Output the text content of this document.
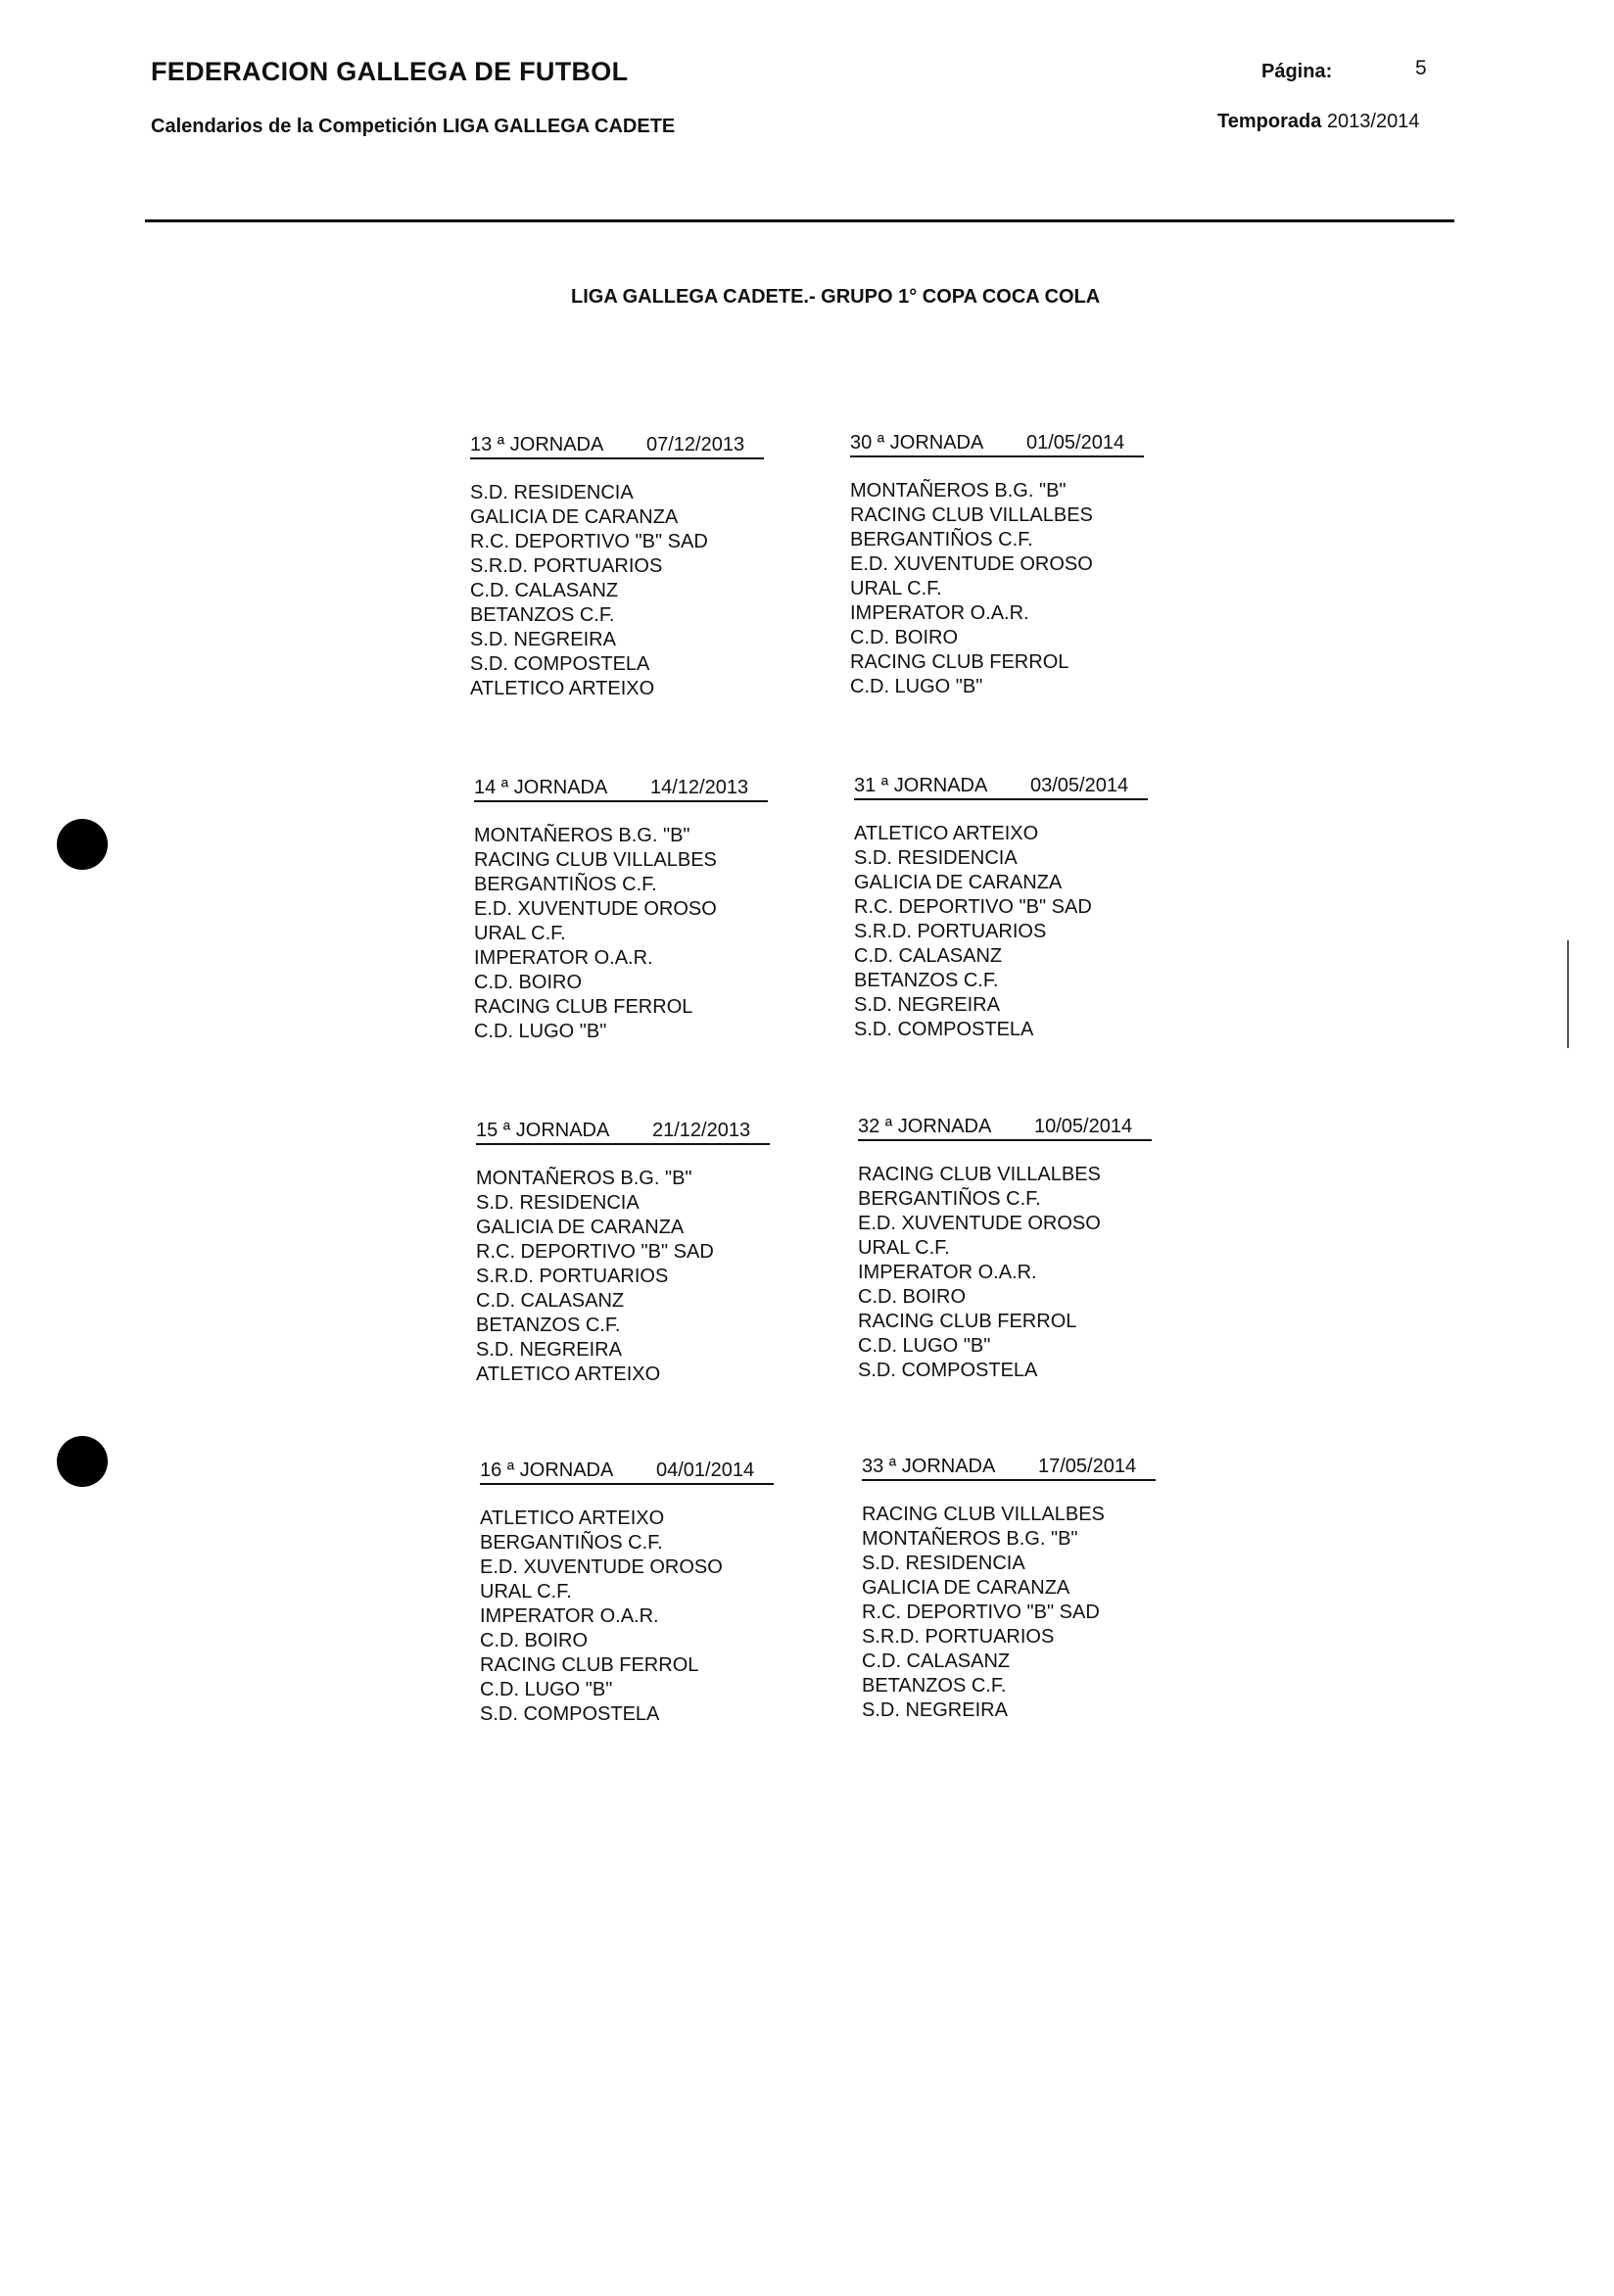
FEDERACION GALLEGA DE FUTBOL
Calendarios de la Competición LIGA GALLEGA CADETE
Página:	5
Temporada 2013/2014
LIGA GALLEGA CADETE.- GRUPO 1° COPA COCA COLA
13 ª JORNADA 07/12/2013
S.D. RESIDENCIA
GALICIA DE CARANZA
R.C. DEPORTIVO "B" SAD
S.R.D. PORTUARIOS
C.D. CALASANZ
BETANZOS C.F.
S.D. NEGREIRA
S.D. COMPOSTELA
ATLETICO ARTEIXO
30 ª JORNADA 01/05/2014
MONTAÑEROS B.G. "B"
RACING CLUB VILLALBES
BERGANTIÑOS C.F.
E.D. XUVENTUDE OROSO
URAL C.F.
IMPERATOR O.A.R.
C.D. BOIRO
RACING CLUB FERROL
C.D. LUGO "B"
14 ª JORNADA 14/12/2013
MONTAÑEROS B.G. "B"
RACING CLUB VILLALBES
BERGANTIÑOS C.F.
E.D. XUVENTUDE OROSO
URAL C.F.
IMPERATOR O.A.R.
C.D. BOIRO
RACING CLUB FERROL
C.D. LUGO "B"
31 ª JORNADA 03/05/2014
ATLETICO ARTEIXO
S.D. RESIDENCIA
GALICIA DE CARANZA
R.C. DEPORTIVO "B" SAD
S.R.D. PORTUARIOS
C.D. CALASANZ
BETANZOS C.F.
S.D. NEGREIRA
S.D. COMPOSTELA
15 ª JORNADA 21/12/2013
MONTAÑEROS B.G. "B"
S.D. RESIDENCIA
GALICIA DE CARANZA
R.C. DEPORTIVO "B" SAD
S.R.D. PORTUARIOS
C.D. CALASANZ
BETANZOS C.F.
S.D. NEGREIRA
ATLETICO ARTEIXO
32 ª JORNADA 10/05/2014
RACING CLUB VILLALBES
BERGANTIÑOS C.F.
E.D. XUVENTUDE OROSO
URAL C.F.
IMPERATOR O.A.R.
C.D. BOIRO
RACING CLUB FERROL
C.D. LUGO "B"
S.D. COMPOSTELA
16 ª JORNADA 04/01/2014
ATLETICO ARTEIXO
BERGANTIÑOS C.F.
E.D. XUVENTUDE OROSO
URAL C.F.
IMPERATOR O.A.R.
C.D. BOIRO
RACING CLUB FERROL
C.D. LUGO "B"
S.D. COMPOSTELA
33 ª JORNADA 17/05/2014
RACING CLUB VILLALBES
MONTAÑEROS B.G. "B"
S.D. RESIDENCIA
GALICIA DE CARANZA
R.C. DEPORTIVO "B" SAD
S.R.D. PORTUARIOS
C.D. CALASANZ
BETANZOS C.F.
S.D. NEGREIRA
